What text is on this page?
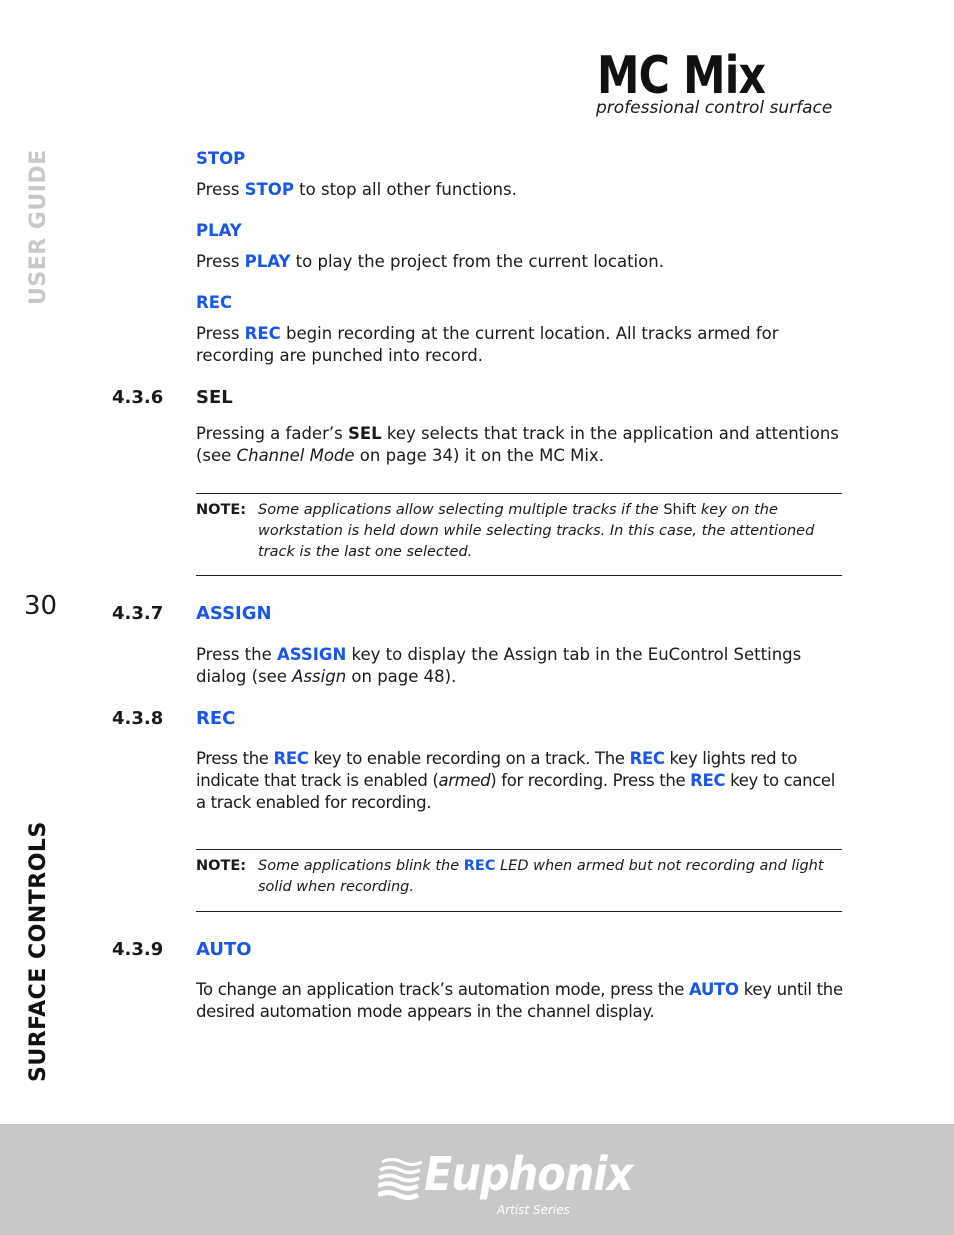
MC Mix
professional control surface
USER GUIDE
30
SURFACE CONTROLS
STOP
Press STOP to stop all other functions.
PLAY
Press PLAY to play the project from the current location.
REC
Press REC begin recording at the current location. All tracks armed for recording are punched into record.
4.3.6 SEL
Pressing a fader’s SEL key selects that track in the application and attentions (see Channel Mode on page 34) it on the MC Mix.
NOTE: Some applications allow selecting multiple tracks if the Shift key on the workstation is held down while selecting tracks. In this case, the attentioned track is the last one selected.
4.3.7 ASSIGN
Press the ASSIGN key to display the Assign tab in the EuControl Settings dialog (see Assign on page 48).
4.3.8 REC
Press the REC key to enable recording on a track. The REC key lights red to indicate that track is enabled (armed) for recording. Press the REC key to cancel a track enabled for recording.
NOTE: Some applications blink the REC LED when armed but not recording and light solid when recording.
4.3.9 AUTO
To change an application track’s automation mode, press the AUTO key until the desired automation mode appears in the channel display.
Euphonix
Artist Series
